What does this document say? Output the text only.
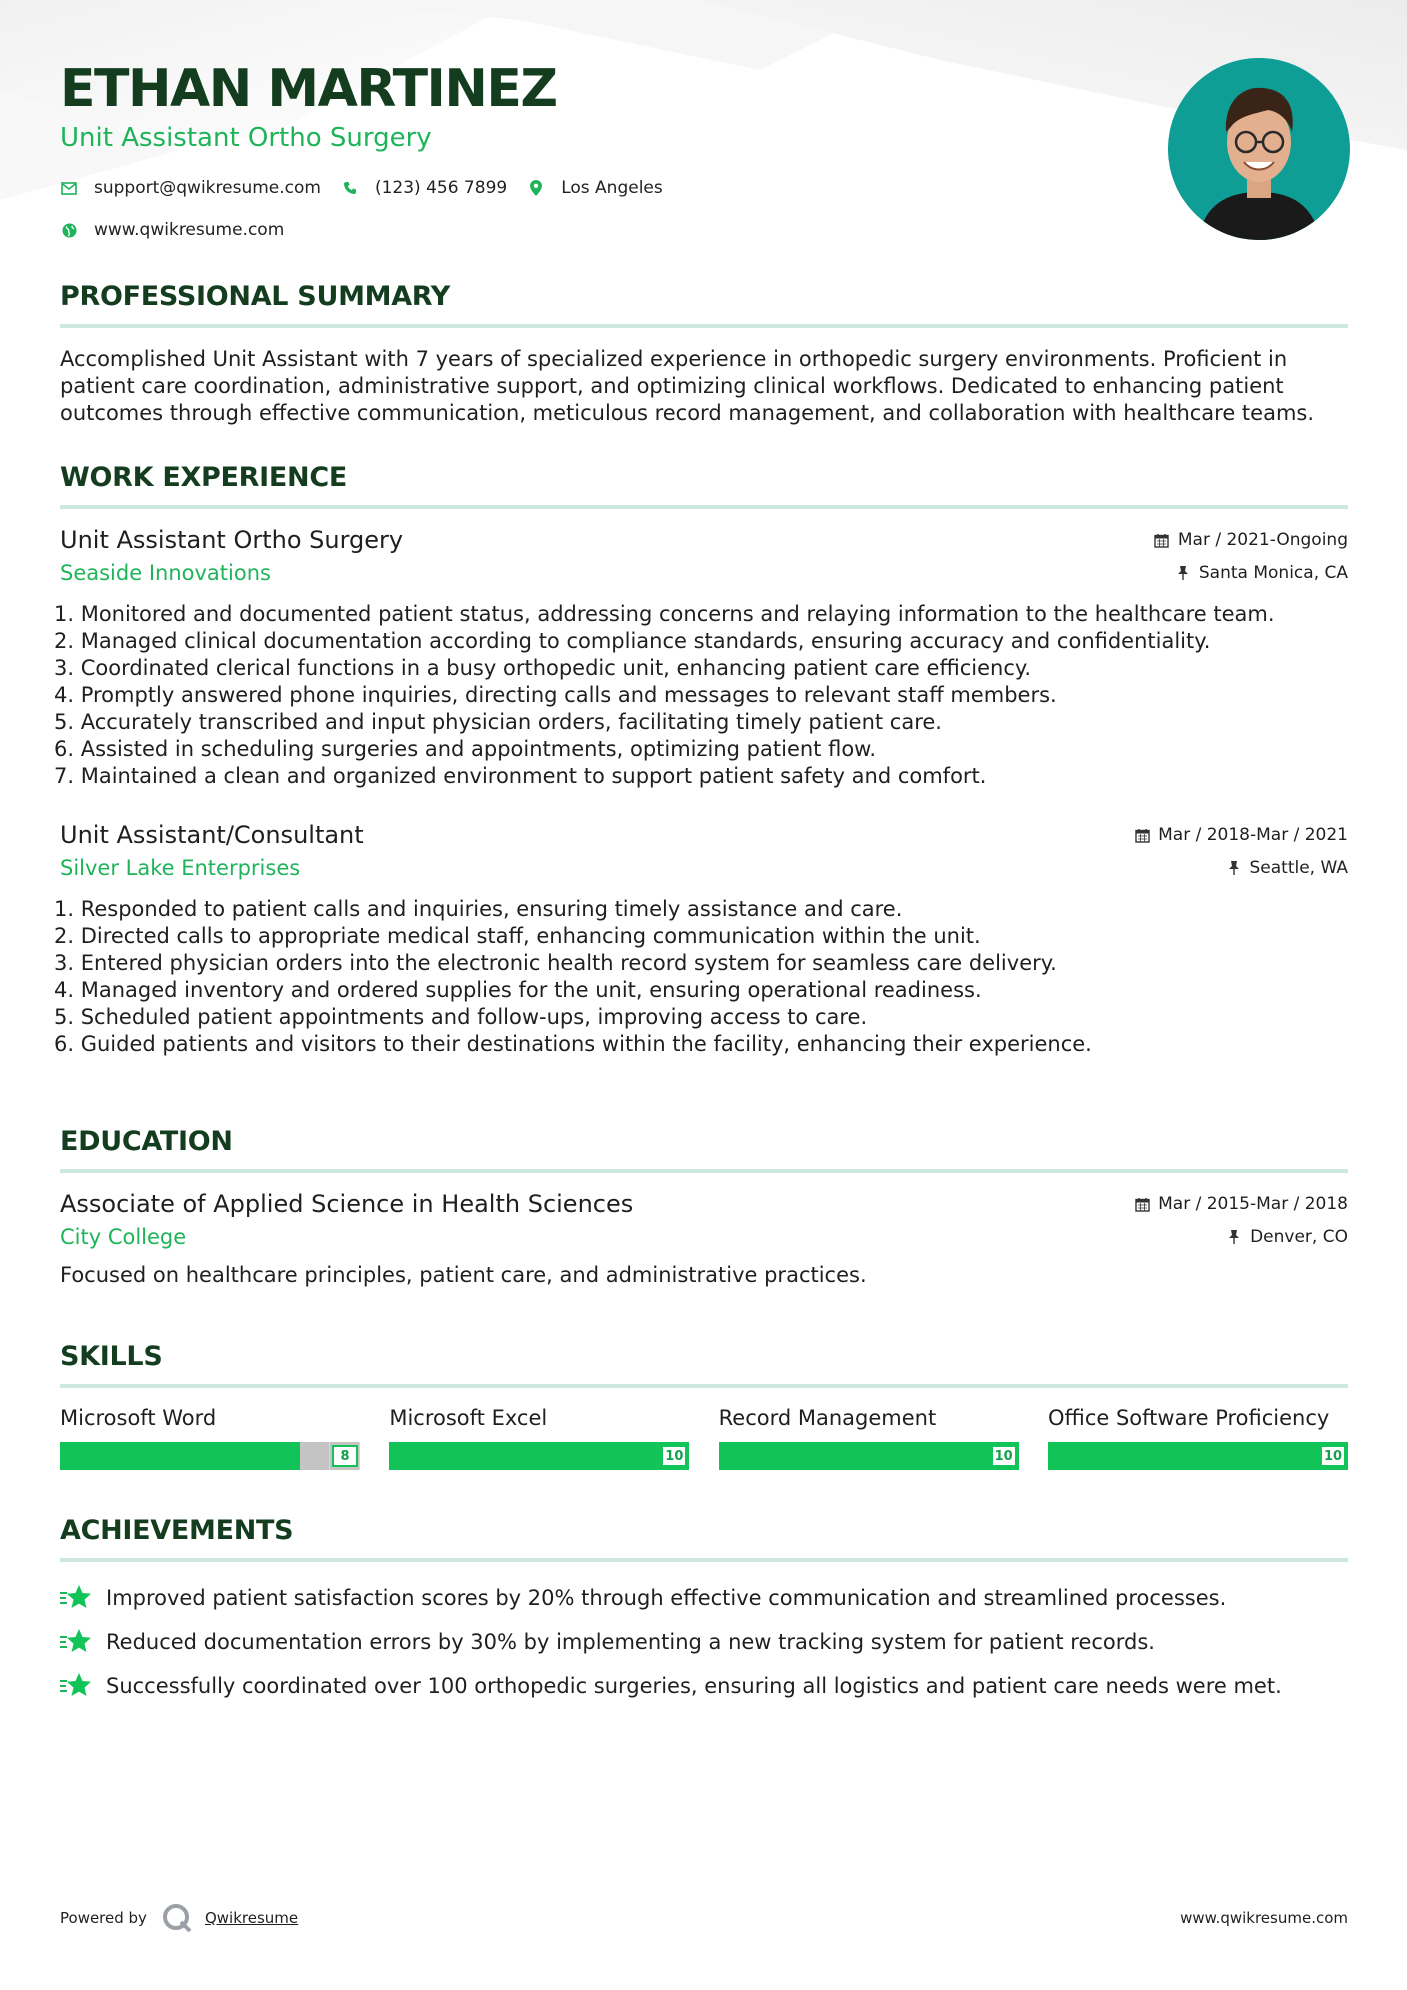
ETHAN MARTINEZ
Unit Assistant Ortho Surgery
support@qwikresume.com	(123) 456 7899	Los Angeles
www.qwikresume.com
PROFESSIONAL SUMMARY
Accomplished Unit Assistant with 7 years of specialized experience in orthopedic surgery environments. Proficient in patient care coordination, administrative support, and optimizing clinical workflows. Dedicated to enhancing patient outcomes through effective communication, meticulous record management, and collaboration with healthcare teams.
WORK EXPERIENCE
Unit Assistant Ortho Surgery
Seaside Innovations
Mar / 2021-Ongoing
Santa Monica, CA
1. Monitored and documented patient status, addressing concerns and relaying information to the healthcare team.
2. Managed clinical documentation according to compliance standards, ensuring accuracy and confidentiality.
3. Coordinated clerical functions in a busy orthopedic unit, enhancing patient care efficiency.
4. Promptly answered phone inquiries, directing calls and messages to relevant staff members.
5. Accurately transcribed and input physician orders, facilitating timely patient care.
6. Assisted in scheduling surgeries and appointments, optimizing patient flow.
7. Maintained a clean and organized environment to support patient safety and comfort.
Unit Assistant/Consultant
Silver Lake Enterprises
Mar / 2018-Mar / 2021
Seattle, WA
1. Responded to patient calls and inquiries, ensuring timely assistance and care.
2. Directed calls to appropriate medical staff, enhancing communication within the unit.
3. Entered physician orders into the electronic health record system for seamless care delivery.
4. Managed inventory and ordered supplies for the unit, ensuring operational readiness.
5. Scheduled patient appointments and follow-ups, improving access to care.
6. Guided patients and visitors to their destinations within the facility, enhancing their experience.
EDUCATION
Associate of Applied Science in Health Sciences
City College
Mar / 2015-Mar / 2018
Denver, CO
Focused on healthcare principles, patient care, and administrative practices.
SKILLS
Microsoft Word
8
Microsoft Excel
10
Record Management
10
Office Software Proficiency
10
ACHIEVEMENTS
Improved patient satisfaction scores by 20% through effective communication and streamlined processes.
Reduced documentation errors by 30% by implementing a new tracking system for patient records.
Successfully coordinated over 100 orthopedic surgeries, ensuring all logistics and patient care needs were met.
Powered by	Qwikresume	www.qwikresume.com
